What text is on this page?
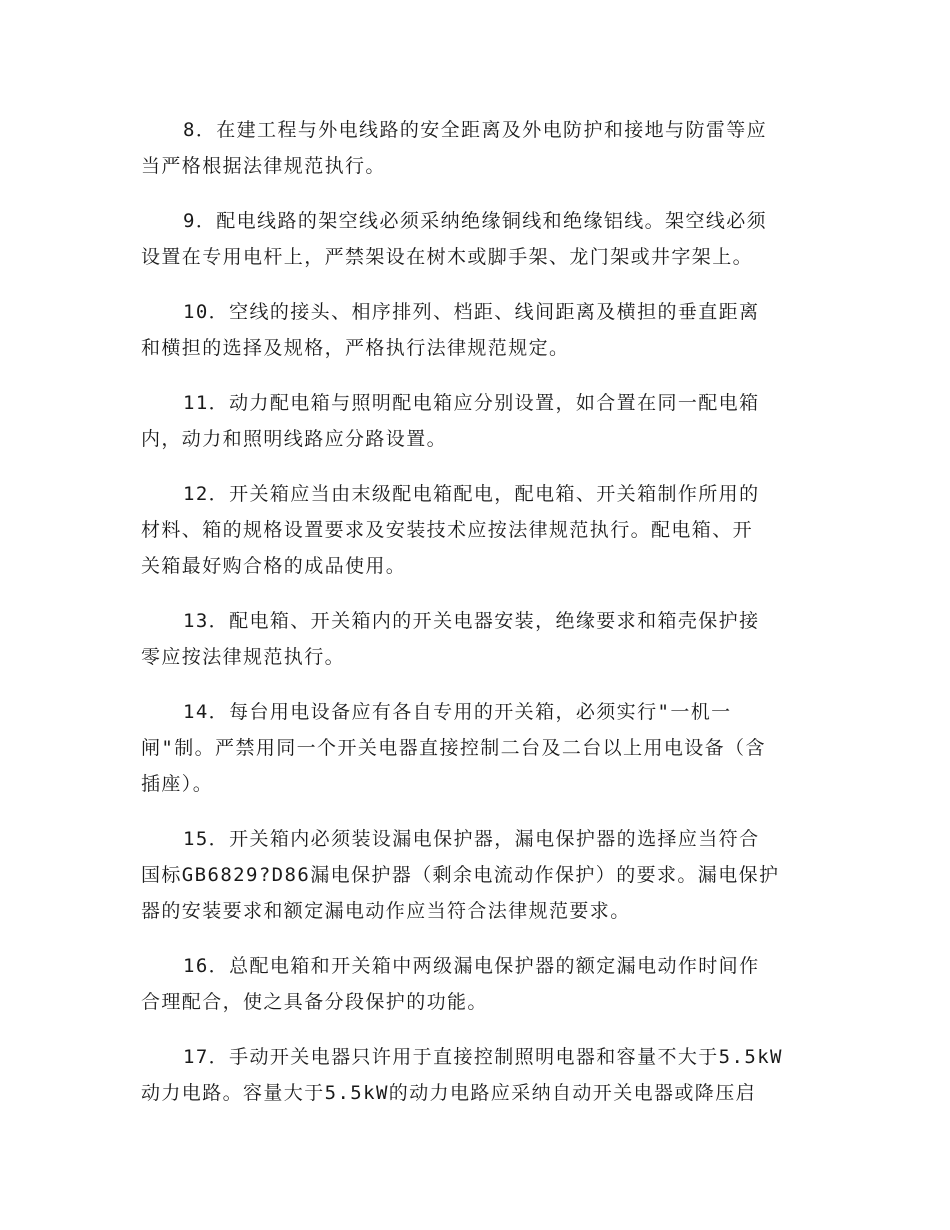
8．在建工程与外电线路的安全距离及外电防护和接地与防雷等应
当严格根据法律规范执行。
9．配电线路的架空线必须采纳绝缘铜线和绝缘铝线。架空线必须
设置在专用电杆上，严禁架设在树木或脚手架、龙门架或井字架上。
10．空线的接头、相序排列、档距、线间距离及横担的垂直距离
和横担的选择及规格，严格执行法律规范规定。
11．动力配电箱与照明配电箱应分别设置，如合置在同一配电箱
内，动力和照明线路应分路设置。
12．开关箱应当由末级配电箱配电，配电箱、开关箱制作所用的
材料、箱的规格设置要求及安装技术应按法律规范执行。配电箱、开
关箱最好购合格的成品使用。
13．配电箱、开关箱内的开关电器安装，绝缘要求和箱壳保护接
零应按法律规范执行。
14．每台用电设备应有各自专用的开关箱，必须实行"一机一
闸"制。严禁用同一个开关电器直接控制二台及二台以上用电设备（含
插座）。
15．开关箱内必须装设漏电保护器，漏电保护器的选择应当符合
国标GB6829?D86漏电保护器（剩余电流动作保护）的要求。漏电保护
器的安装要求和额定漏电动作应当符合法律规范要求。
16．总配电箱和开关箱中两级漏电保护器的额定漏电动作时间作
合理配合，使之具备分段保护的功能。
17．手动开关电器只许用于直接控制照明电器和容量不大于5.5kW
动力电路。容量大于5.5kW的动力电路应采纳自动开关电器或降压启
